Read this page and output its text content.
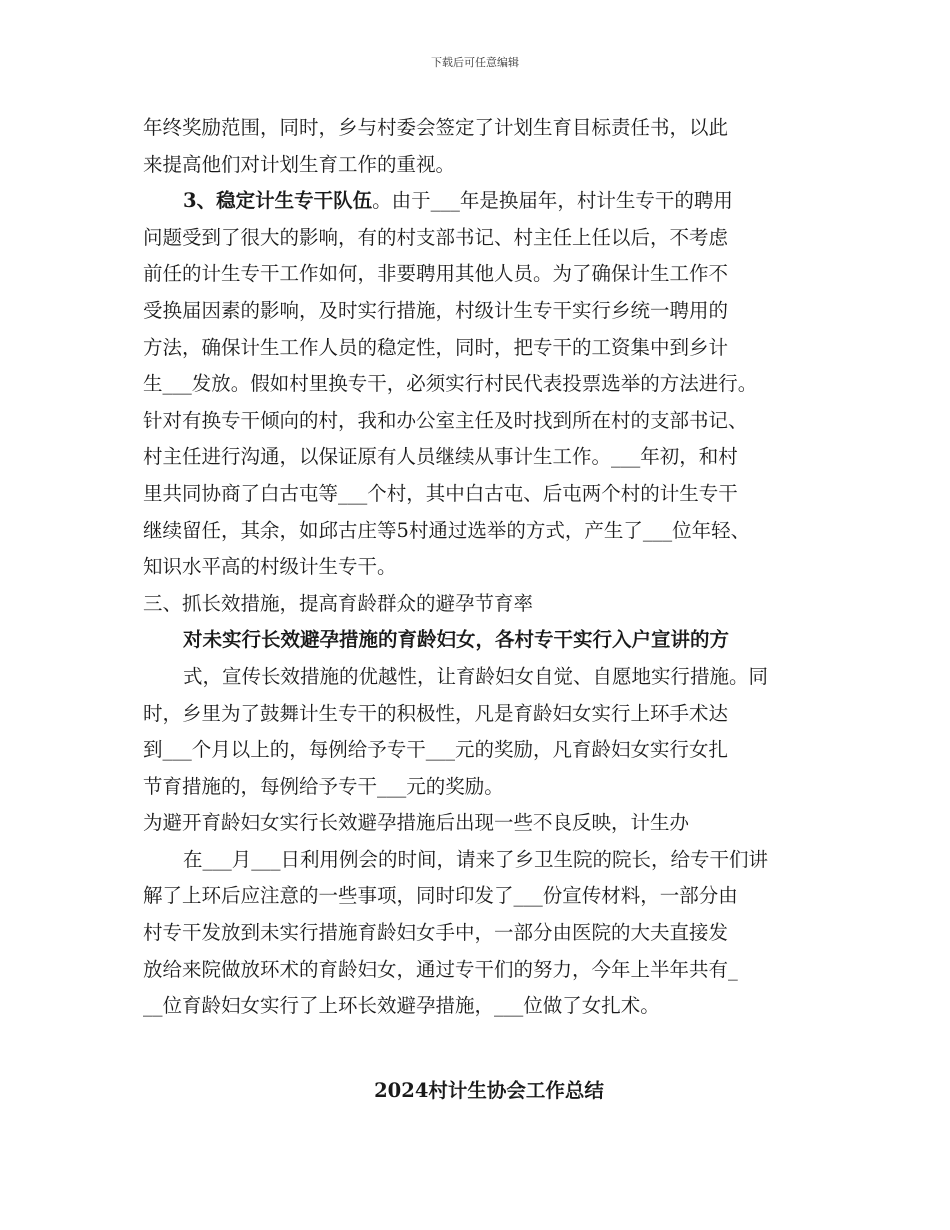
下载后可任意编辑
年终奖励范围，同时，乡与村委会签定了计划生育目标责任书，以此
来提高他们对计划生育工作的重视。
3、稳定计生专干队伍。由于___年是换届年，村计生专干的聘用
问题受到了很大的影响，有的村支部书记、村主任上任以后，不考虑
前任的计生专干工作如何，非要聘用其他人员。为了确保计生工作不
受换届因素的影响，及时实行措施，村级计生专干实行乡统一聘用的
方法，确保计生工作人员的稳定性，同时，把专干的工资集中到乡计
生___发放。假如村里换专干，必须实行村民代表投票选举的方法进行。
针对有换专干倾向的村，我和办公室主任及时找到所在村的支部书记、
村主任进行沟通，以保证原有人员继续从事计生工作。___年初，和村
里共同协商了白古屯等___个村，其中白古屯、后屯两个村的计生专干
继续留任，其余，如邱古庄等5村通过选举的方式，产生了___位年轻、
知识水平高的村级计生专干。
三、抓长效措施，提高育龄群众的避孕节育率
对未实行长效避孕措施的育龄妇女，各村专干实行入户宣讲的方
式，宣传长效措施的优越性，让育龄妇女自觉、自愿地实行措施。同
时，乡里为了鼓舞计生专干的积极性，凡是育龄妇女实行上环手术达
到___个月以上的，每例给予专干___元的奖励，凡育龄妇女实行女扎
节育措施的，每例给予专干___元的奖励。
为避开育龄妇女实行长效避孕措施后出现一些不良反映，计生办
在___月___日利用例会的时间，请来了乡卫生院的院长，给专干们讲
解了上环后应注意的一些事项，同时印发了___份宣传材料，一部分由
村专干发放到未实行措施育龄妇女手中，一部分由医院的大夫直接发
放给来院做放环术的育龄妇女，通过专干们的努力，今年上半年共有_
__位育龄妇女实行了上环长效避孕措施，___位做了女扎术。
2024村计生协会工作总结
